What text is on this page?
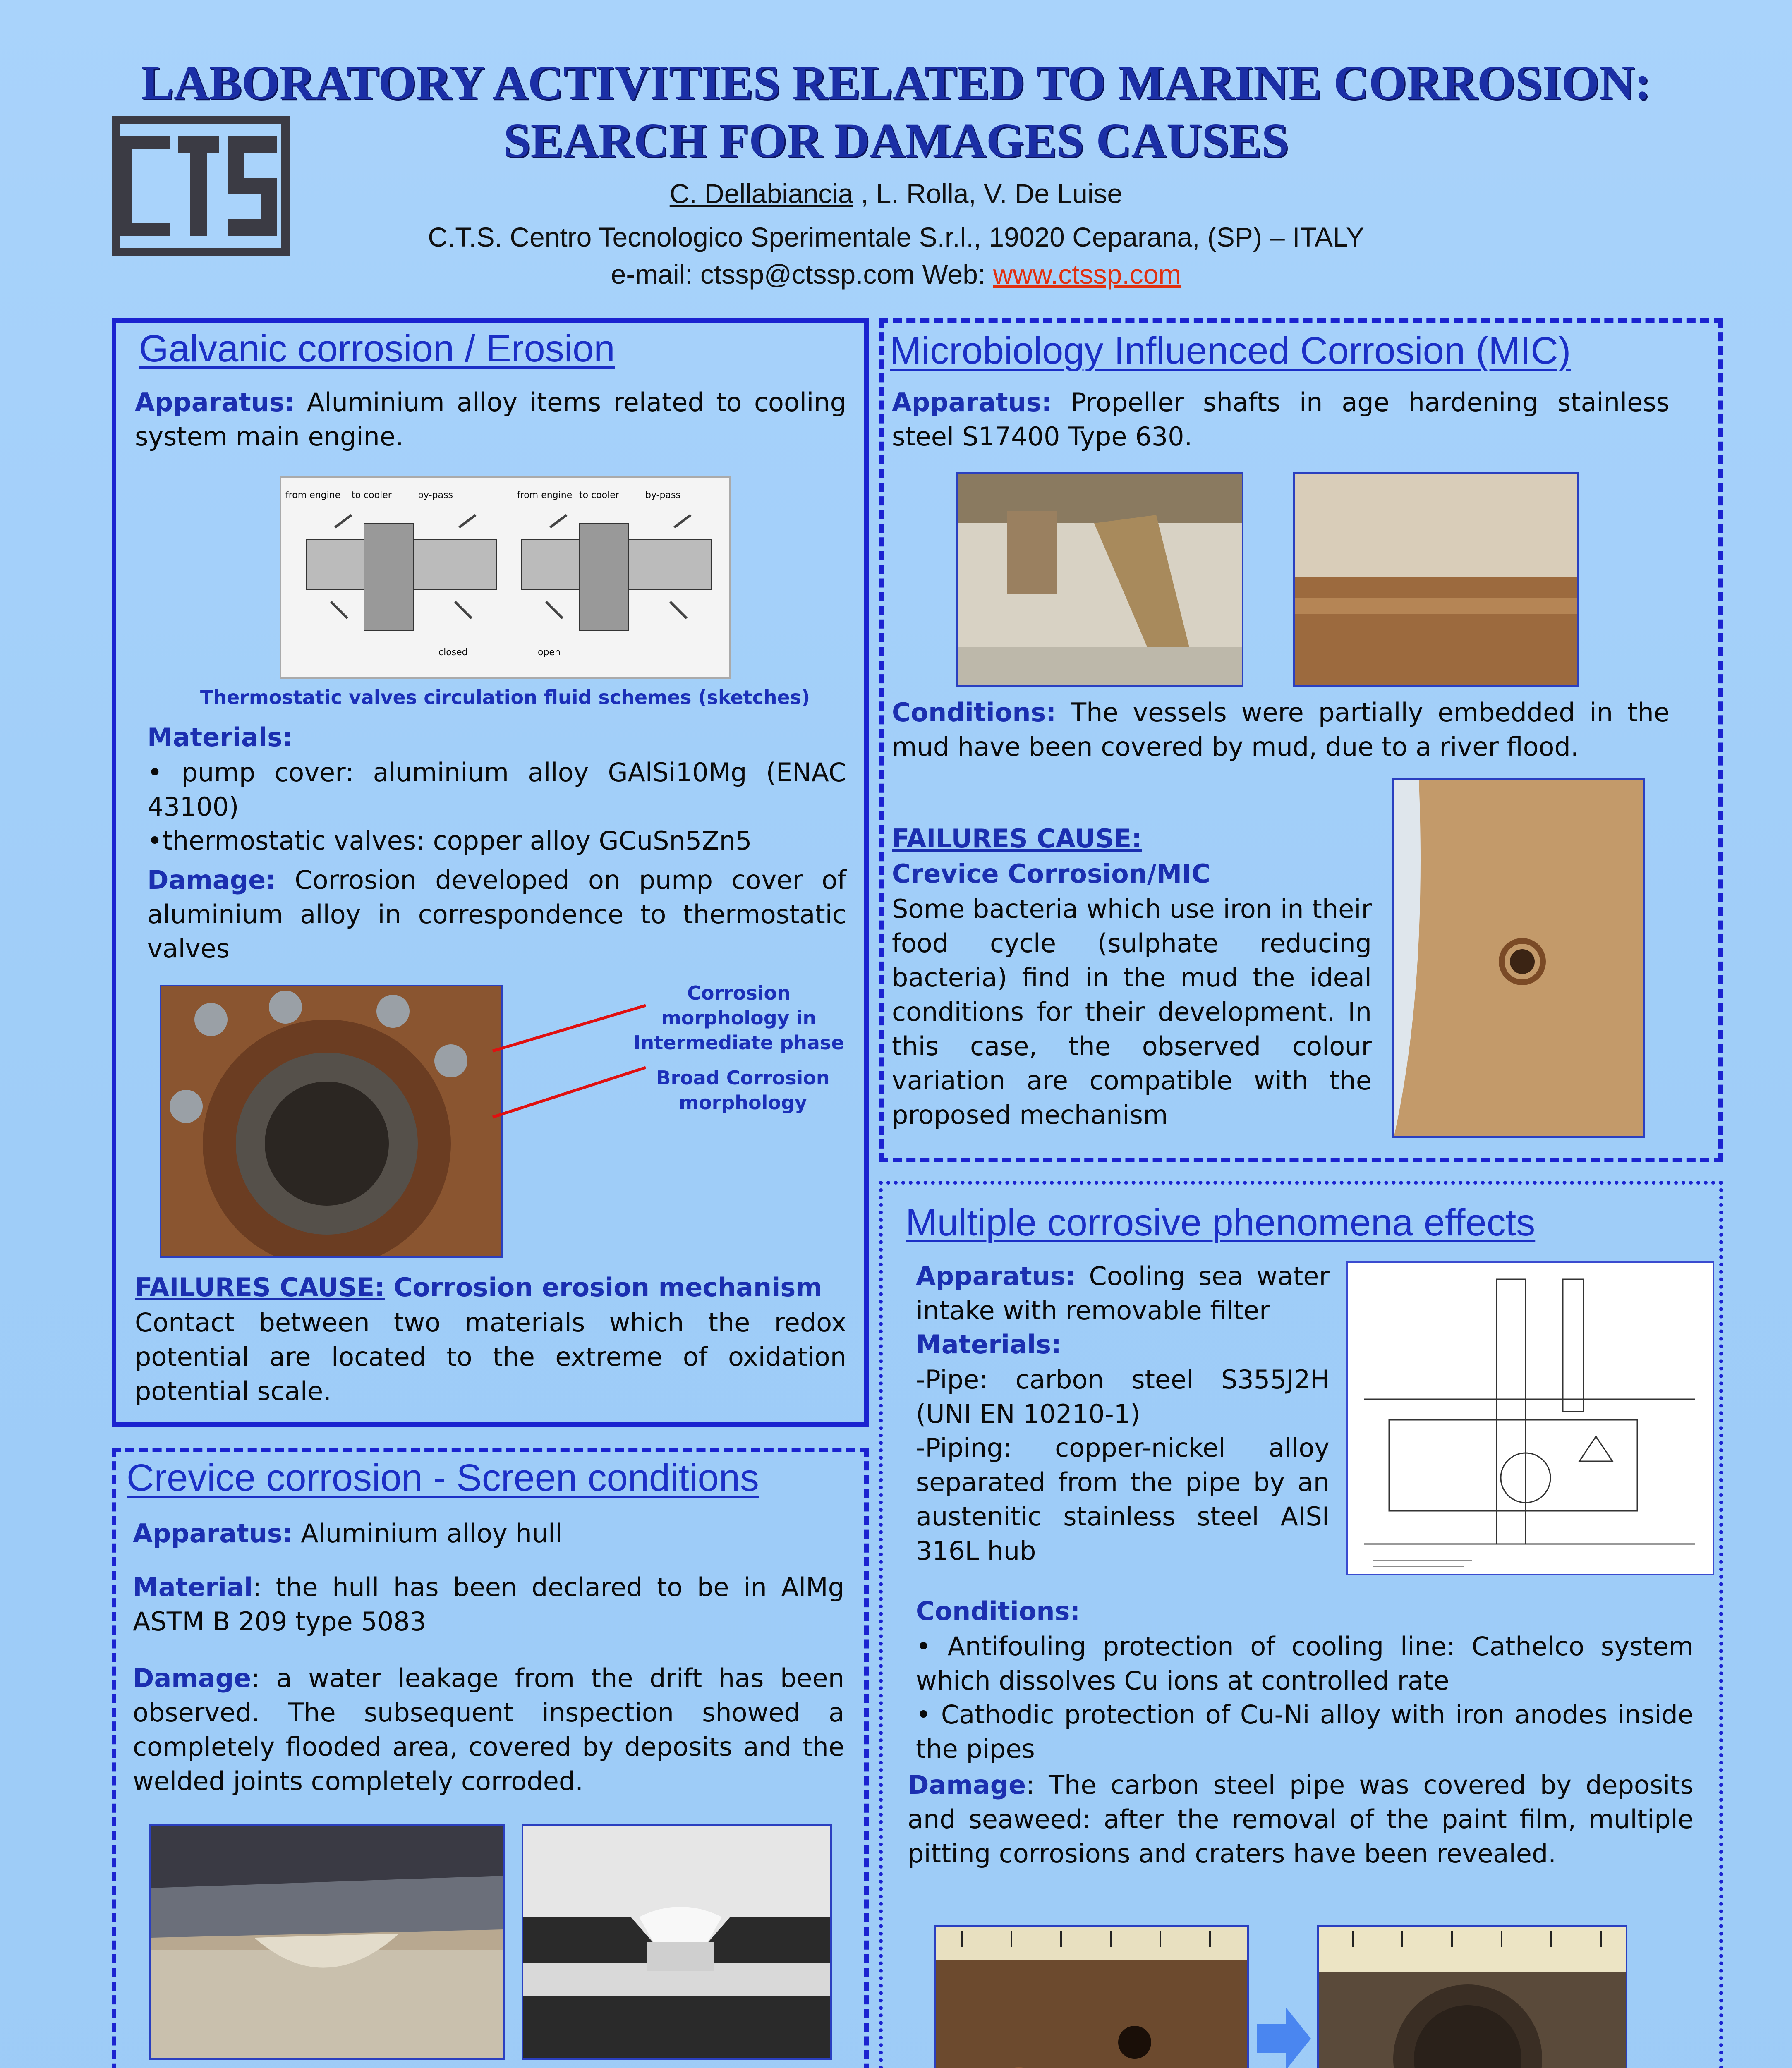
LABORATORY ACTIVITIES RELATED TO MARINE CORROSION:
SEARCH FOR DAMAGES CAUSES
C. Dellabiancia , L. Rolla, V. De Luise
C.T.S. Centro Tecnologico Sperimentale S.r.l., 19020 Ceparana, (SP) – ITALY
e-mail: ctssp@ctssp.com Web: www.ctssp.com
Galvanic corrosion / Erosion
Apparatus: Aluminium alloy items related to cooling system main engine.
from engine to cooler	by-pass	from engine to cooler	by-pass
closed	open
Thermostatic valves circulation fluid schemes (sketches)
Materials:
• pump cover: aluminium alloy GAlSi10Mg (ENAC 43100)
•thermostatic valves: copper alloy GCuSn5Zn5
Damage: Corrosion developed on pump cover of aluminium alloy in correspondence to thermostatic valves
Corrosion morphology in Intermediate phase
Broad Corrosion morphology
FAILURES CAUSE: Corrosion erosion mechanism
Contact between two materials which the redox potential are located to the extreme of oxidation potential scale.
Crevice corrosion - Screen conditions
Apparatus: Aluminium alloy hull
Material: the hull has been declared to be in AlMg ASTM B 209 type 5083
Damage: a water leakage from the drift has been observed. The subsequent inspection showed a completely flooded area, covered by deposits and the welded joints completely corroded.
Microbiology Influenced Corrosion (MIC)
Apparatus: Propeller shafts in age hardening stainless steel S17400 Type 630.
Conditions: The vessels were partially embedded in the mud have been covered by mud, due to a river flood.
FAILURES CAUSE:
Crevice Corrosion/MIC
Some bacteria which use iron in their food cycle (sulphate reducing bacteria) find in the mud the ideal conditions for their development. In this case, the observed colour variation are compatible with the proposed mechanism
Multiple corrosive phenomena effects
Apparatus: Cooling sea water intake with removable filter
Materials:
-Pipe: carbon steel S355J2H (UNI EN 10210-1)
-Piping: copper-nickel alloy separated from the pipe by an austenitic stainless steel AISI 316L hub
Conditions:
• Antifouling protection of cooling line: Cathelco system which dissolves Cu ions at controlled rate
• Cathodic protection of Cu-Ni alloy with iron anodes inside the pipes
Damage: The carbon steel pipe was covered by deposits and seaweed: after the removal of the paint film, multiple pitting corrosions and craters have been revealed.
